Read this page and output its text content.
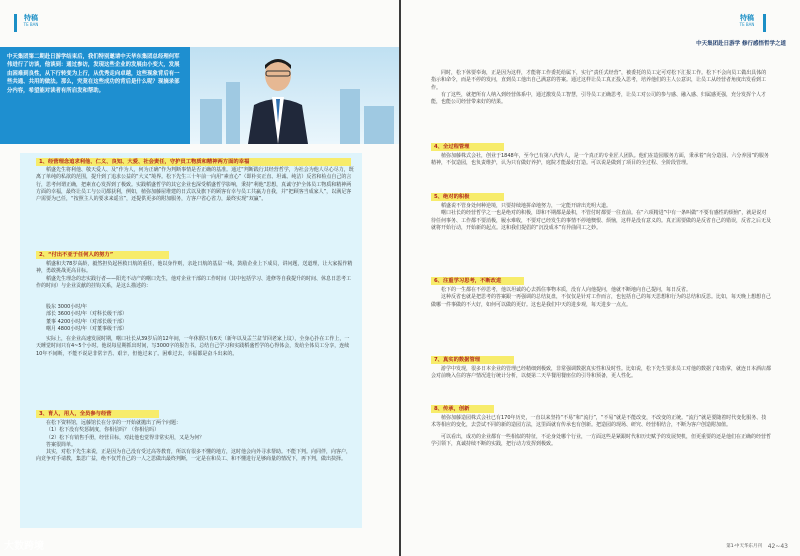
特稿
TE BAN

中天集团第二期赴日游学结束后，我们特别邀请中天华东集团总经理何军伟进行了访谈，他谈到：通过参访，发现这些企业的发展由小变大，发展由困难到良性，从下行转变为上行，从优秀走向卓越，这些现象背后有一些共通、共用的做法。那么，究竟在这些成功的背后是什么呢？现摘录部分内容，希望能对读者有所启发和帮助。

1、经营理念追求利他、仁义、良知、大爱、社会责任，守护员工物质和精神两方面的幸福

稻盛先生将利他、敬天爱人、及“作为人，何为正确”作为判断事情是否正确的基准。通过“判断践行其经营哲学，为社会为他人尽心尽力，既离了单纯的私欲的范围，提升到了追求公益的“大义”境界。松下先生三十年前一向用“素直心”（即朴实正直、坦诚、纯洁）反省和检点自己的言行，思考何谓正确，把素直心发挥到了极致。实践稻盛哲学的其它企业也深受稻盛哲学影响，秉持“利他”思想，真诚守护全体员工物质和精神两方面的幸福，最终让员工与公司都获利，例如，植弥加藤屋堆建的日式以及旗下的顾客有幸与员工共赢力自我，并“把顾客当成家人”，以满足客户需要为已任，“按照主人的要求来遥宣”，还提供更多的附加服务，方客户省心省力，最终实现“双赢”。

2、“付出不亚于任何人的努力”

稻盛和夫78岁高龄，毅然担负起拯救日航的重任，他以身作则，亲赴日航的基层一线，鼓励企业上下成员，讲问题，送道理，让大家振作精神，勇敢挑战更高目标。

稻盛先生理念的忠实践行者——阳光不动产的曙口先生，他对企业干部的工作时间（其中包括学习、进修等自我提升的时间、休息日思考工作的时间）与企业贡献的挂钩关系，是这么描述的：

股东 3000小时/年

部长 3600小时/年（对科长级干部）

董事 4200小时/年（对部长级干部）

曙月 4800小时/年（对董事级干部）

实际上，在企业高速发展时期，曙口社长从39岁后的12年间，一年休假只有6天（新年以及盂兰盆节回老家上坟），全身心扑在工作上，一天睡觉时间只有4~5个小时。他说每星期抓出时间，写3000字的报告书，总结自己学习和实践稻盛哲学的心得体会，发给全体员工分享，连续10年不间断，不能不说是非常辛苦、艰辛，但他过来了。困难过去，幸福都是奋斗出来的。

3、育人，用人，全员参与经营

在松下资料馆，远藤馆长在分享的一开始就抛出了两个问题：

（1）松下没有奖惩制度，你相信吗？（你相信吗）

（2）松下有销售手册，经营目标，对此他也觉得非常实用，又是为何？

答案很简单。

其实，对松下先生来说，正是因为自己没有受过高等教育，所以有很多不懂的地方，这时他会向外寻求帮助。不能下判。向同伴，向客户，向竞争对手请教，集思广益，绝不仅凭自己的一人之思做出最终判断，一定是在和员工、和不懂进行足够商量的情况下，再下判，做出抉择。

大数跨境
特稿
TE BAN
中天集团赴日游学 修行感悟哲学之道

同时，松下休要奉询，正是因为这样，才能将工作委托给属下，实行“责任式经营”，被委托的员工定可对松下汇报工作。松下不会向员工做出具体的指示和命令，而是不停的发问，直到员工他出自己满意的答案。通过这样让员工真正投入思考，培养他们的主人公意识，让员工从经营者角度出发看到工作。

有了这些，就把所有人纳入到经营体系中，通过激发员工智慧，引导员工正确思考，让员工对公司的参与感、融入感、归属感更强，充分发挥个人才能，也能公司经营带来好的结果。

4、全过程管理

植弥加藤株式会社，创业于1848年，至今已有第八代传人，是一个真正的专业匠人团队。他们在造园服务方面，秉承着“向分造园、六分养园”的服务精神，不仅造园，也负责维护，认为只有做好养护，庭院才能最好打造。可以说是做到了项目的全过程、全阶段管理。

5、绝对的积极

稻盛说不管身处何种逆境，只要持续地拼命地努力，一定能开辟出光明大道。

曙口社长的经营哲学之一也是绝对的积极，即和不期都是最积，不管付时都要一往直前。在“六项精进”中有一条叫做“不要有感性的烦恼”，就是说对待任何事务、工作都不要消极，履水难收，不要对已经发生的事情不停地懊恨、烦恼，这样是没有意义的。真正需要做的是反省自己的错误，反省之后无及就将开始行动，开始新的起点。这和我们提倡的“沉没成本”有异曲同工之妙。

6、注重学习思考，不断改进

松下的一生都在不停思考，他以坦诚的心去抓住事物本质，没有人向他提问，他就不断地向自己提问，每日反省。

这种反省也就是把思考的答案跟一再强调的总结复盘，不仅仅是针对工作而言，也包括自己的每天思想和行为的总结和反思。比如，每天晚上想想自己做哪一件事做的不大好，如何可以做的更好。这也是我们中天的进步观，每天进步一点点。

7、真实的数据管理

游学中发现，很多日本企业的管理已经精细到极致，非常强调数据真实性和及时性。比如说，松下先生要求员工对他的数据了如指掌，就连日本酒店都会对前晚入住的客户情况进行统计分析，以便第二天早餐用餐座位的引导和预备，更人性化。

8、传承，创新

植弥加藤造园株式会社已有170年历史，一直以来坚持“不易”和“流行”，“不易”就是不能改变，不改变的正统。“流行”就是要随着时代变化服务、技术等相应的变化，去尝试不同的新的造园方法，这里面就有传承也有创新。把造园的现场、研究、经营相结合，不断为客户创造附加值。

可以看出，成功的企业都有一些相似的特征，不论身处哪个行业，一方面这些是紧跟时代和历史赋予的发展契机，但更重要的还是他们在正确的经营哲学引领下，真诚持续不断的实践，把行动力发挥到极致。

第1·中天华东月刊 42~43
